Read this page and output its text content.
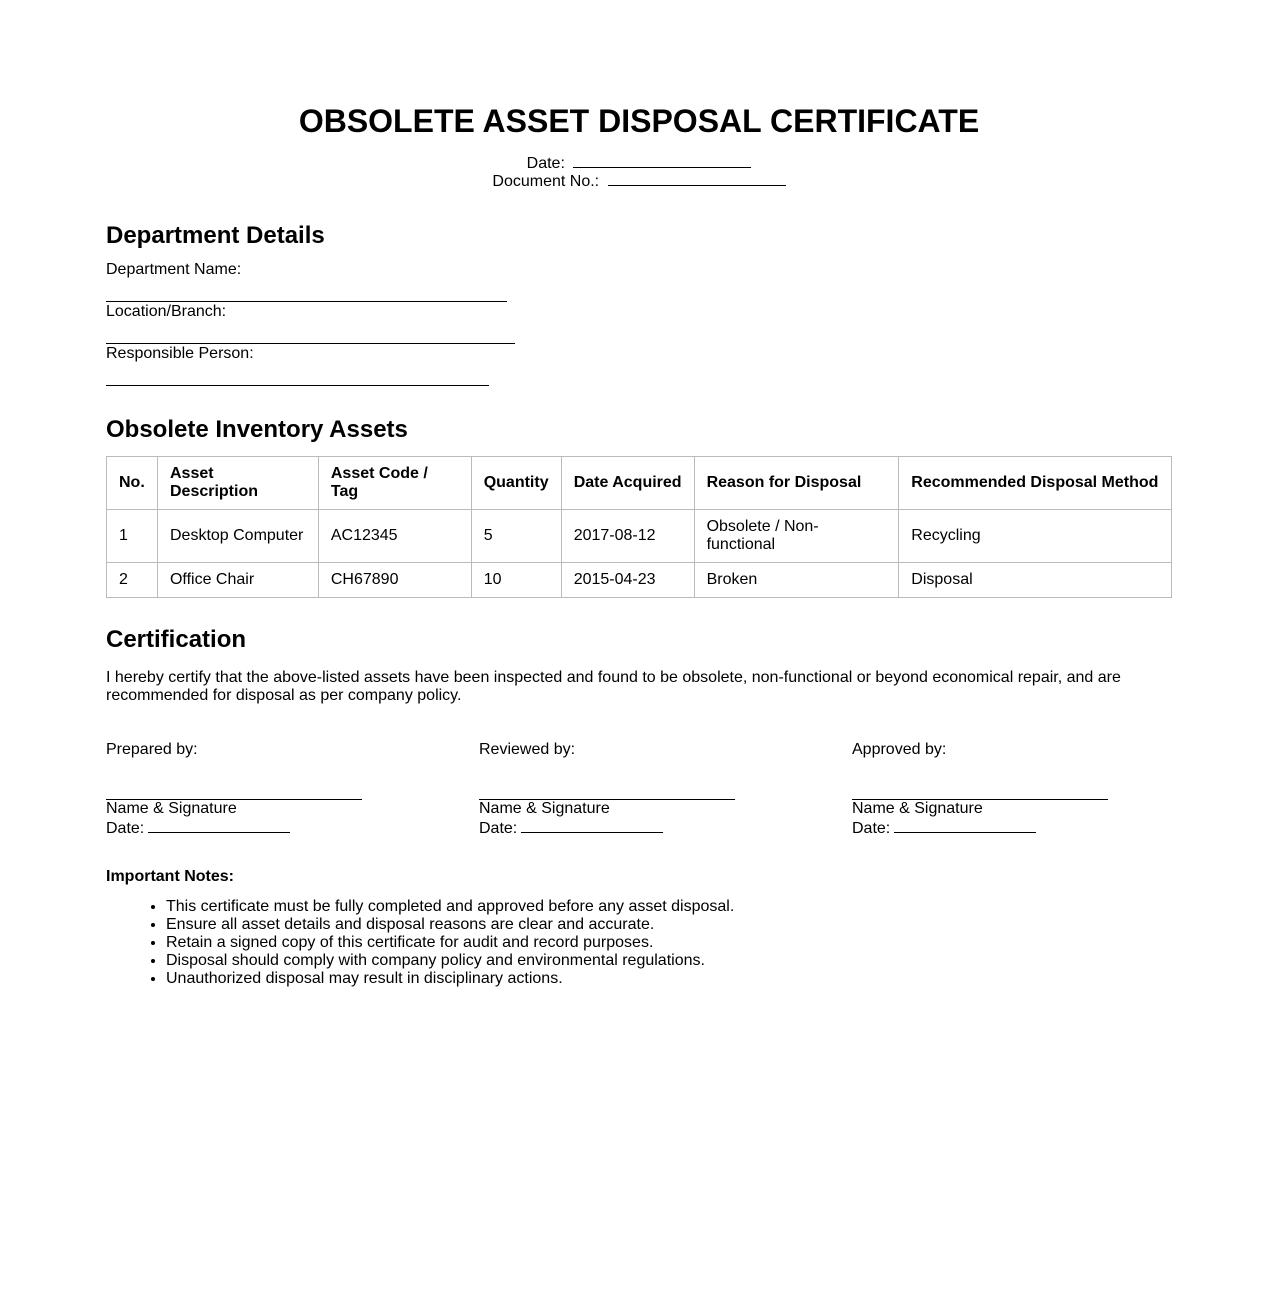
OBSOLETE ASSET DISPOSAL CERTIFICATE
Date:
Document No.:
Department Details
Department Name:
Location/Branch:
Responsible Person:
Obsolete Inventory Assets
No.	Asset Description	Asset Code / Tag	Quantity	Date Acquired	Reason for Disposal	Recommended Disposal Method
1	Desktop Computer	AC12345	5	2017-08-12	Obsolete / Non-functional	Recycling
2	Office Chair	CH67890	10	2015-04-23	Broken	Disposal
Certification

I hereby certify that the above-listed assets have been inspected and found to be obsolete, non-functional or beyond economical repair, and are recommended for disposal as per company policy.

Prepared by:
Name & Signature
Date:
Reviewed by:
Name & Signature
Date:
Approved by:
Name & Signature
Date:
Important Notes:
• This certificate must be fully completed and approved before any asset disposal.
• Ensure all asset details and disposal reasons are clear and accurate.
• Retain a signed copy of this certificate for audit and record purposes.
• Disposal should comply with company policy and environmental regulations.
• Unauthorized disposal may result in disciplinary actions.
